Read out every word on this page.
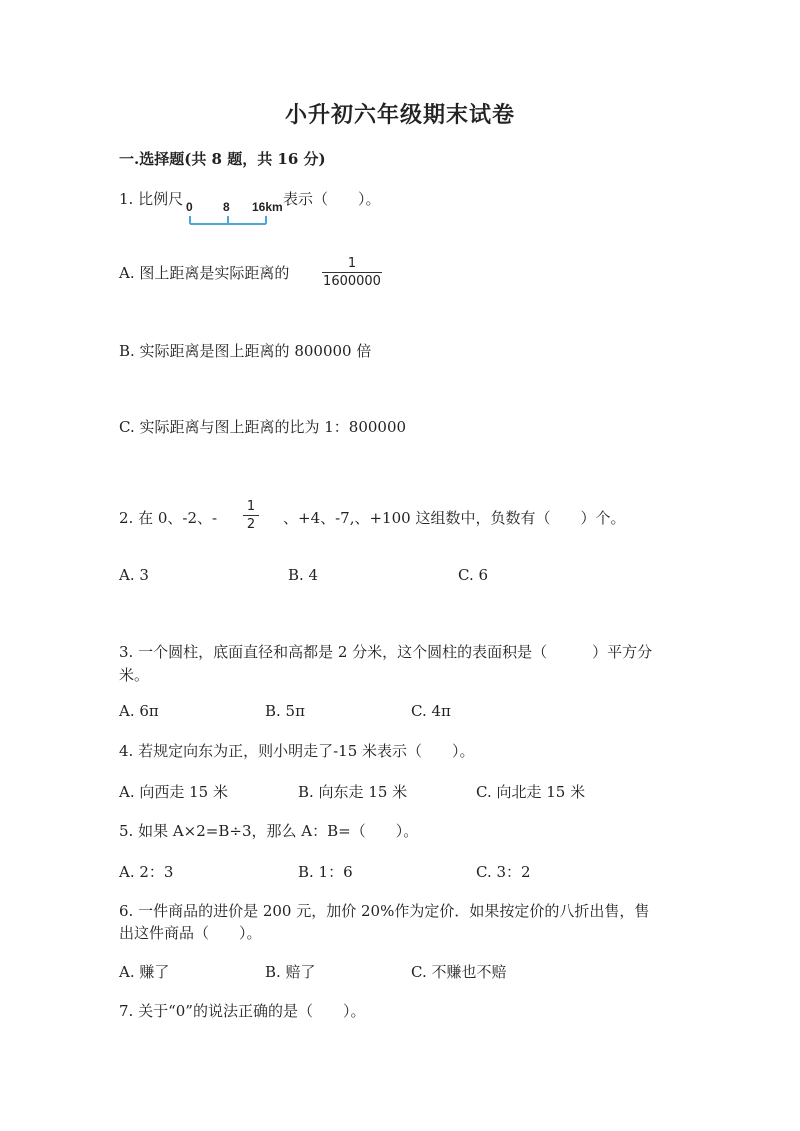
小升初六年级期末试卷
一.选择题(共 8 题，共 16 分)
1. 比例尺 0	8 16km 表示（　　）。
A. 图上距离是实际距离的
1
1600000
B. 实际距离是图上距离的 800000 倍
C. 实际距离与图上距离的比为 1：800000
2. 在 0、-2、-
1
2 、+4、-7,、+100 这组数中，负数有（　　）个。
A. 3	B. 4	C. 6
3. 一个圆柱，底面直径和高都是 2 分米，这个圆柱的表面积是（　　　）平方分
米。
A. 6π	B. 5π	C. 4π
4. 若规定向东为正，则小明走了-15 米表示（　　）。
A. 向西走 15 米	B. 向东走 15 米	C. 向北走 15 米
5. 如果 A×2=B÷3，那么 A：B=（　　）。
A. 2：3	B. 1：6	C. 3：2
6. 一件商品的进价是 200 元，加价 20%作为定价．如果按定价的八折出售，售
出这件商品（　　）。
A. 赚了	B. 赔了	C. 不赚也不赔
7. 关于“0”的说法正确的是（　　）。
